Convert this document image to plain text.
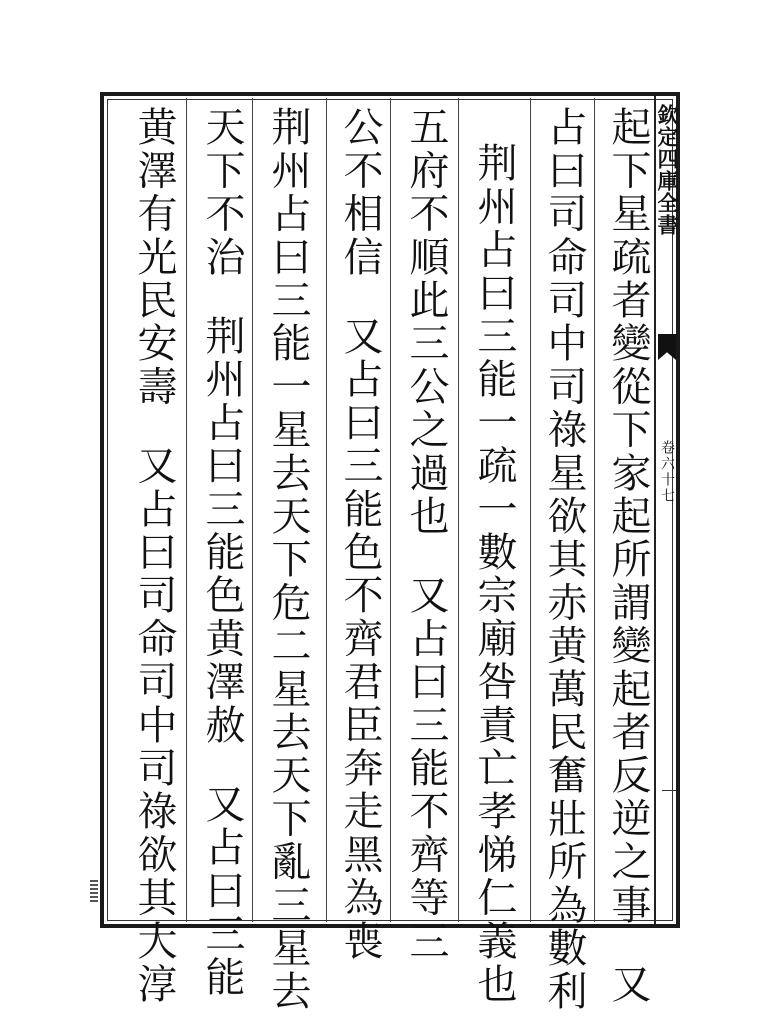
欽定四庫全書
卷六十七
起下星疏者變從下家起所謂變起者反逆之事又
占曰司命司中司祿星欲其赤黄萬民奮壯所為數利
荆州占曰三能一疏一數宗廟咎責亡孝悌仁義也
五府不順此三公之過也又占曰三能不齊等三
公不相信又占曰三能色不齊君臣奔走黑為喪
荆州占曰三能一星去天下危二星去天下亂三星去
天下不治荆州占曰三能色黄澤赦又占曰三能
黄澤有光民安壽又占曰司命司中司祿欲其大淳
